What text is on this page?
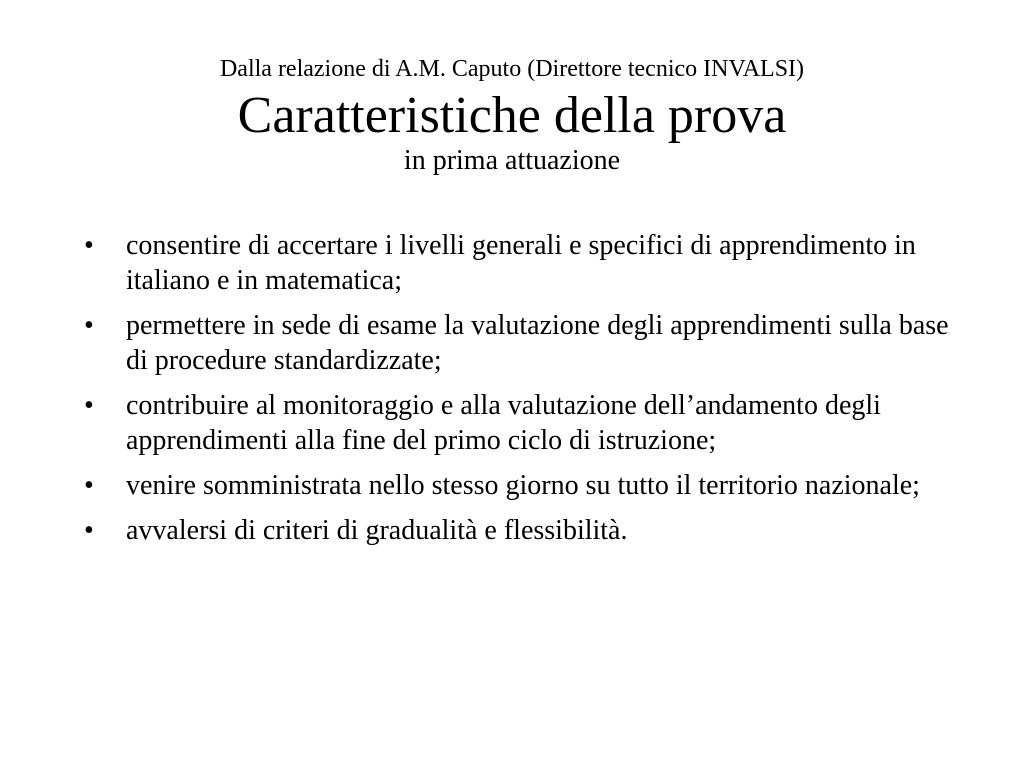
Dalla relazione di A.M. Caputo (Direttore tecnico INVALSI)

Caratteristiche della prova

in prima attuazione

•	consentire di accertare i livelli generali e specifici di apprendimento in italiano e in matematica;
•	permettere in sede di esame la valutazione degli apprendimenti sulla base di procedure standardizzate;
•	contribuire al monitoraggio e alla valutazione dell’andamento degli apprendimenti alla fine del primo ciclo di istruzione;
•	venire somministrata nello stesso giorno su tutto il territorio nazionale;
•	avvalersi di criteri di gradualità e flessibilità.
